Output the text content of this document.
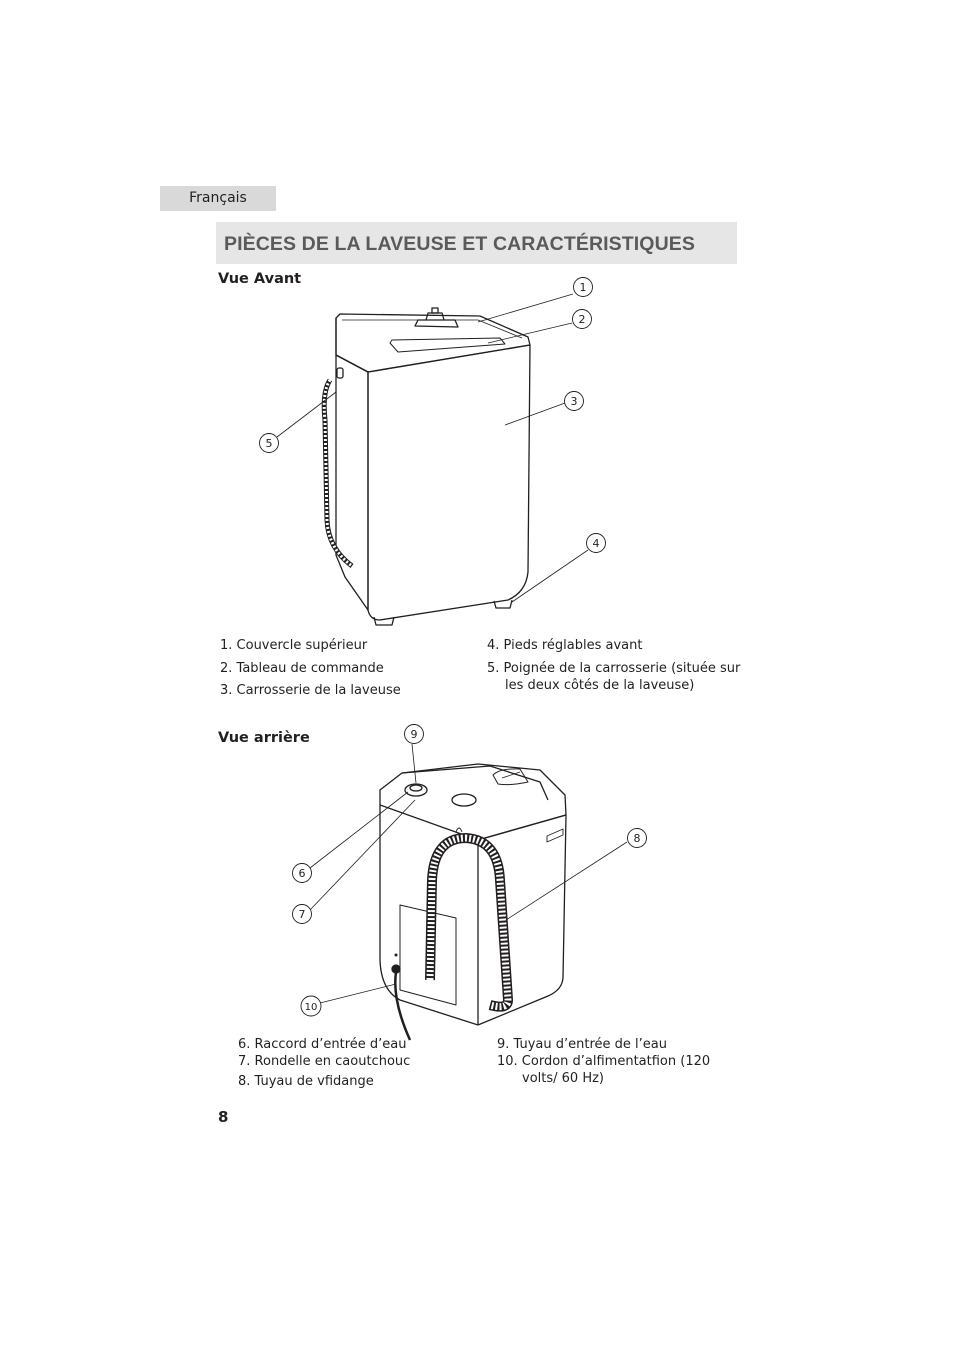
Français
PIÈCES DE LA LAVEUSE ET CARACTÉRISTIQUES
Vue Avant
1
2
3
4
5
1. Couvercle supérieur
2. Tableau de commande
3. Carrosserie de la laveuse
4. Pieds réglables avant
5. Poignée de la carrosserie (située sur
les deux côtés de la laveuse)
Vue arrière
6
7
8
9
10
6. Raccord d’entrée d’eau
7. Rondelle en caoutchouc
8. Tuyau de vfidange
9. Tuyau d’entrée de l’eau
10. Cordon d’alfimentatfion (120
volts/ 60 Hz)
8
